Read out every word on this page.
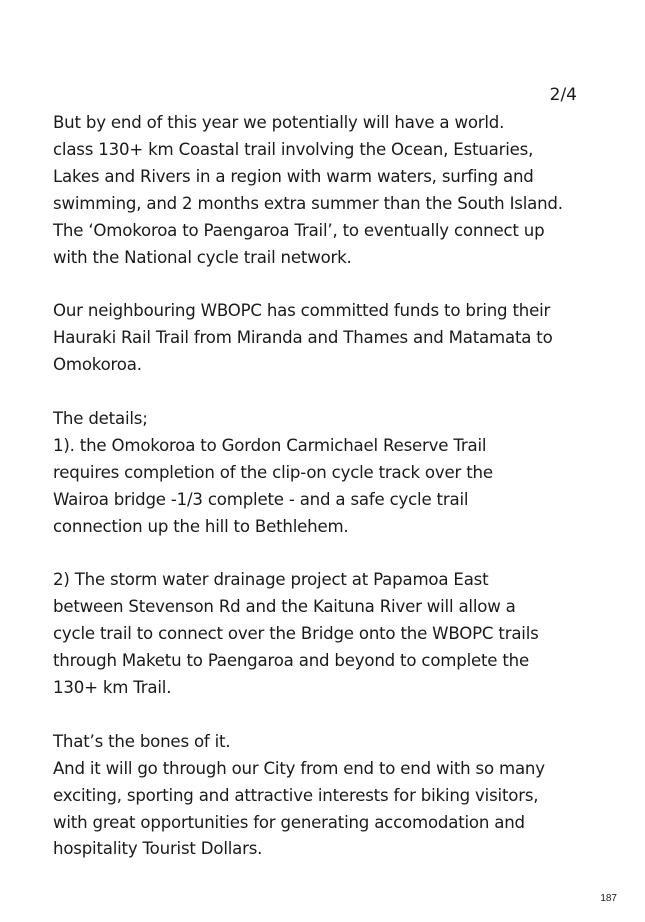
2/4
But by end of this year we potentially will have a world.
class 130+ km Coastal trail involving the Ocean, Estuaries,
Lakes and Rivers in a region with warm waters, surfing and
swimming, and 2 months extra summer than the South Island.
The ‘Omokoroa to Paengaroa Trail’, to eventually connect up
with the National cycle trail network.
Our neighbouring WBOPC has committed funds to bring their
Hauraki Rail Trail from Miranda and Thames and Matamata to
Omokoroa.
The details;
1). the Omokoroa to Gordon Carmichael Reserve Trail
requires completion of the clip-on cycle track over the
Wairoa bridge -1/3 complete - and a safe cycle trail
connection up the hill to Bethlehem.
2) The storm water drainage project at Papamoa East
between Stevenson Rd and the Kaituna River will allow a
cycle trail to connect over the Bridge onto the WBOPC trails
through Maketu to Paengaroa and beyond to complete the
130+ km Trail.
That’s the bones of it.
And it will go through our City from end to end with so many
exciting, sporting and attractive interests for biking visitors,
with great opportunities for generating accomodation and
hospitality Tourist Dollars.
187
